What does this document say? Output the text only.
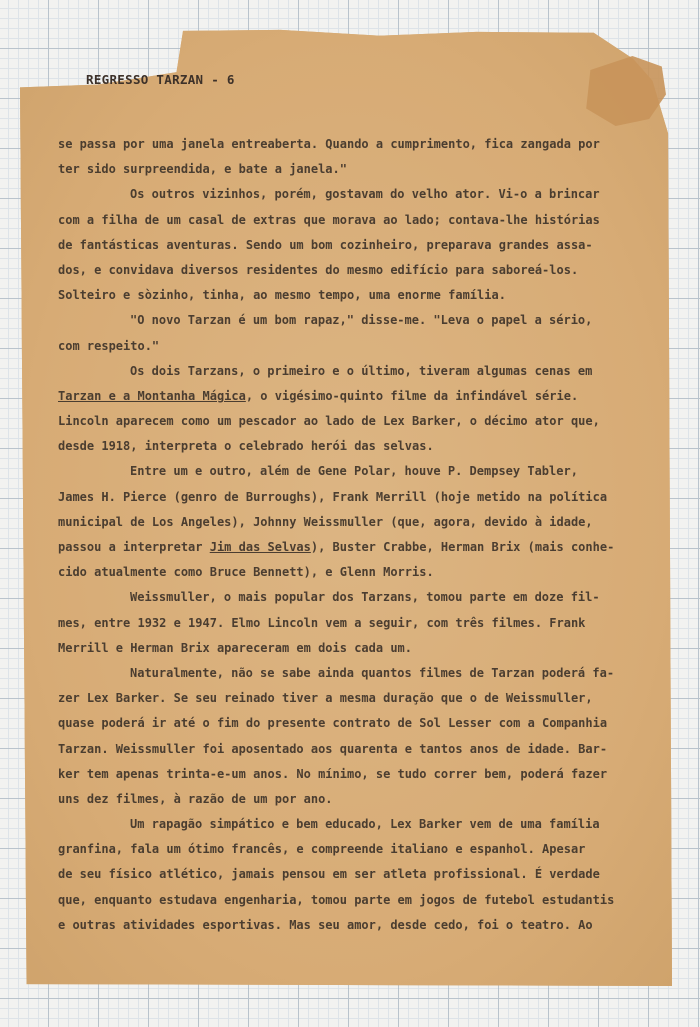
REGRESSO TARZAN - 6
se passa por uma janela entreaberta. Quando a cumprimento, fica zangada por
ter sido surpreendida, e bate a janela."
Os outros vizinhos, porém, gostavam do velho ator. Vi-o a brincar
com a filha de um casal de extras que morava ao lado; contava-lhe histórias
de fantásticas aventuras. Sendo um bom cozinheiro, preparava grandes assa-
dos, e convidava diversos residentes do mesmo edifício para saboreá-los.
Solteiro e sòzinho, tinha, ao mesmo tempo, uma enorme família.
"O novo Tarzan é um bom rapaz," disse-me. "Leva o papel a sério,
com respeito."
Os dois Tarzans, o primeiro e o último, tiveram algumas cenas em
Tarzan e a Montanha Mágica, o vigésimo-quinto filme da infindável série.
Lincoln aparecem como um pescador ao lado de Lex Barker, o décimo ator que,
desde 1918, interpreta o celebrado herói das selvas.
Entre um e outro, além de Gene Polar, houve P. Dempsey Tabler,
James H. Pierce (genro de Burroughs), Frank Merrill (hoje metido na política
municipal de Los Angeles), Johnny Weissmuller (que, agora, devido à idade,
passou a interpretar Jim das Selvas), Buster Crabbe, Herman Brix (mais conhe-
cido atualmente como Bruce Bennett), e Glenn Morris.
Weissmuller, o mais popular dos Tarzans, tomou parte em doze fil-
mes, entre 1932 e 1947. Elmo Lincoln vem a seguir, com três filmes. Frank
Merrill e Herman Brix apareceram em dois cada um.
Naturalmente, não se sabe ainda quantos filmes de Tarzan poderá fa-
zer Lex Barker. Se seu reinado tiver a mesma duração que o de Weissmuller,
quase poderá ir até o fim do presente contrato de Sol Lesser com a Companhia
Tarzan. Weissmuller foi aposentado aos quarenta e tantos anos de idade. Bar-
ker tem apenas trinta-e-um anos. No mínimo, se tudo correr bem, poderá fazer
uns dez filmes, à razão de um por ano.
Um rapagão simpático e bem educado, Lex Barker vem de uma família
granfina, fala um ótimo francês, e compreende italiano e espanhol. Apesar
de seu físico atlético, jamais pensou em ser atleta profissional. É verdade
que, enquanto estudava engenharia, tomou parte em jogos de futebol estudantis
e outras atividades esportivas. Mas seu amor, desde cedo, foi o teatro. Ao
